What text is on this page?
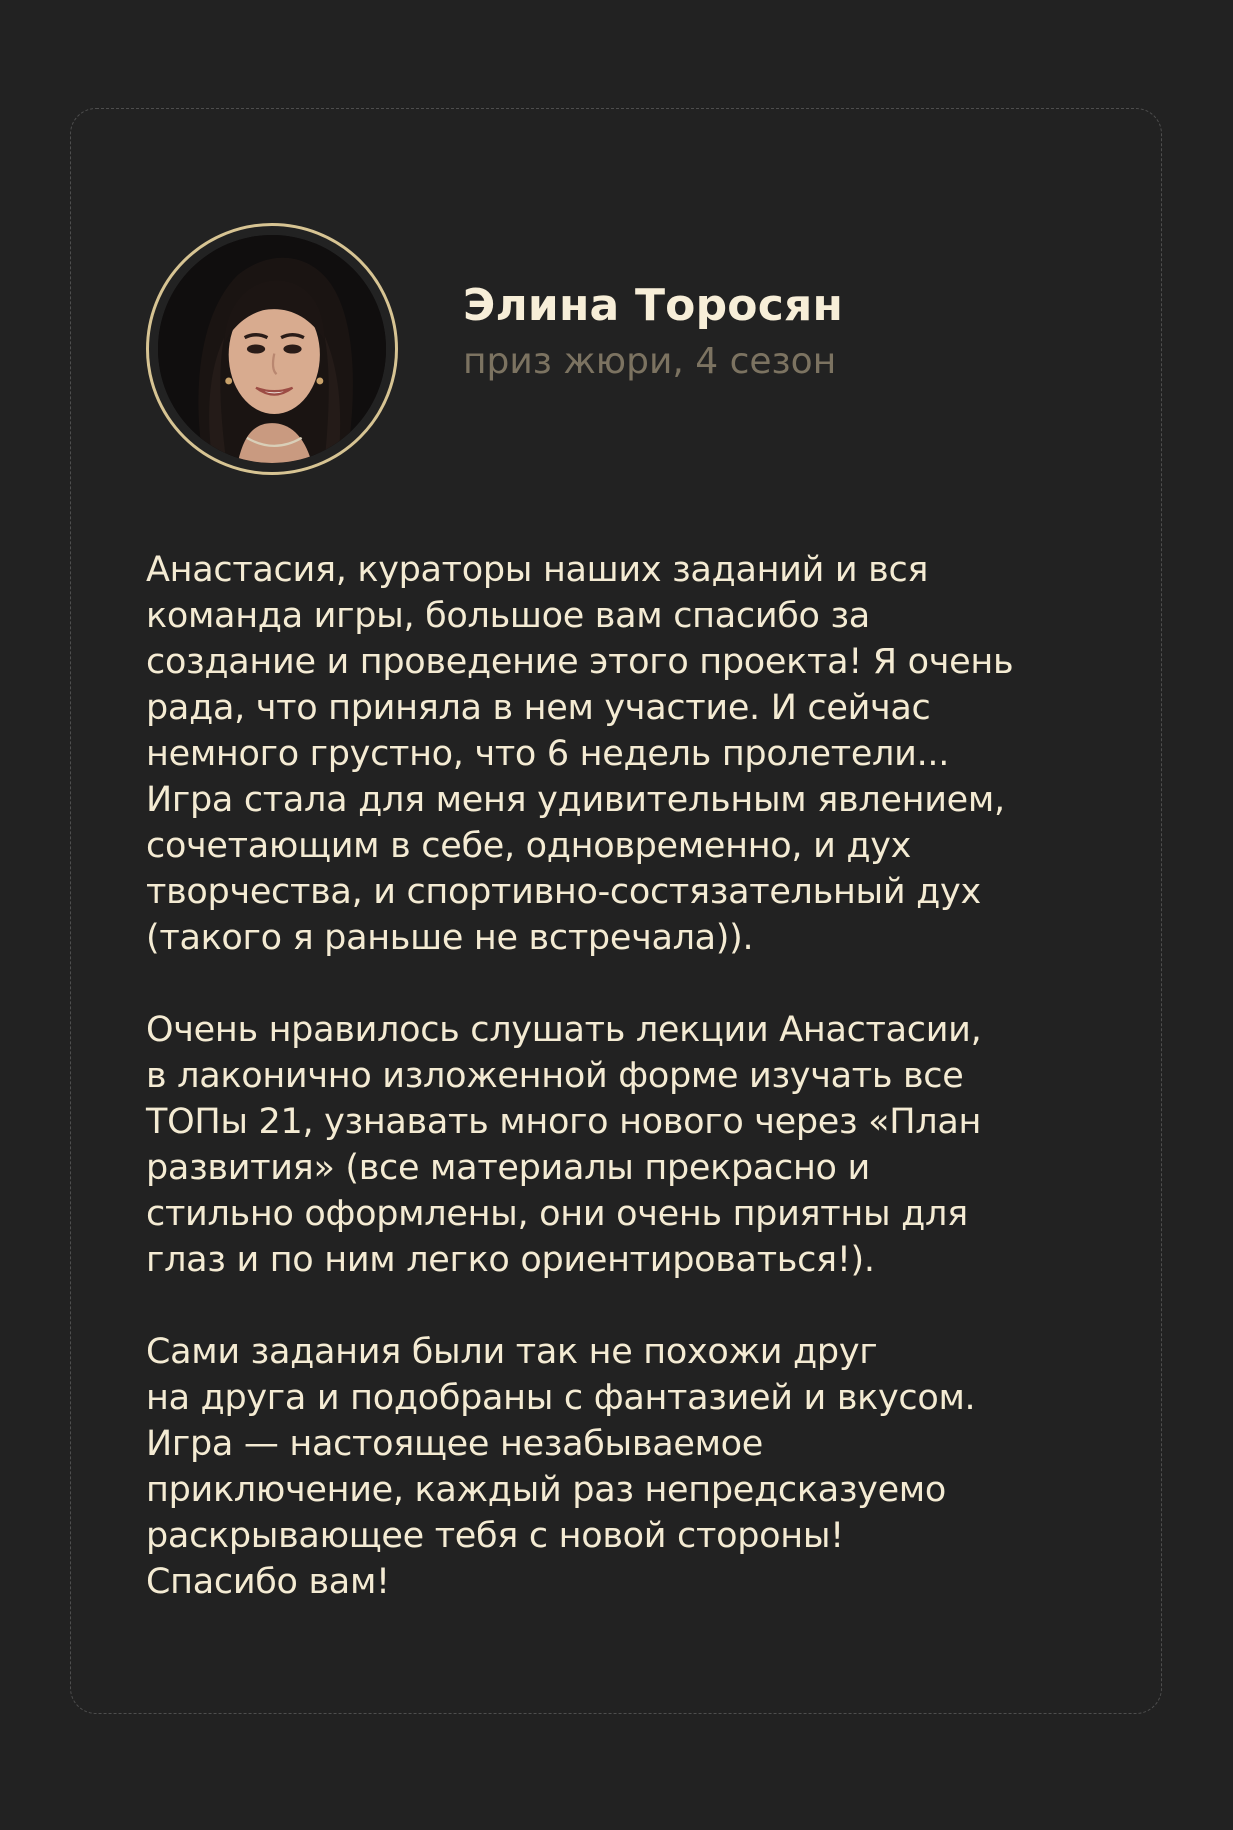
Элина Торосян
приз жюри, 4 сезон

Анастасия, кураторы наших заданий и вся
команда игры, большое вам спасибо за
создание и проведение этого проекта! Я очень
рада, что приняла в нем участие. И сейчас
немного грустно, что 6 недель пролетели...
Игра стала для меня удивительным явлением,
сочетающим в себе, одновременно, и дух
творчества, и спортивно-состязательный дух
(такого я раньше не встречала)).

Очень нравилось слушать лекции Анастасии,
в лаконично изложенной форме изучать все
ТОПы 21, узнавать много нового через «План
развития» (все материалы прекрасно и
стильно оформлены, они очень приятны для
глаз и по ним легко ориентироваться!).

Сами задания были так не похожи друг
на друга и подобраны с фантазией и вкусом.
Игра — настоящее незабываемое
приключение, каждый раз непредсказуемо
раскрывающее тебя с новой стороны!
Спасибо вам!
